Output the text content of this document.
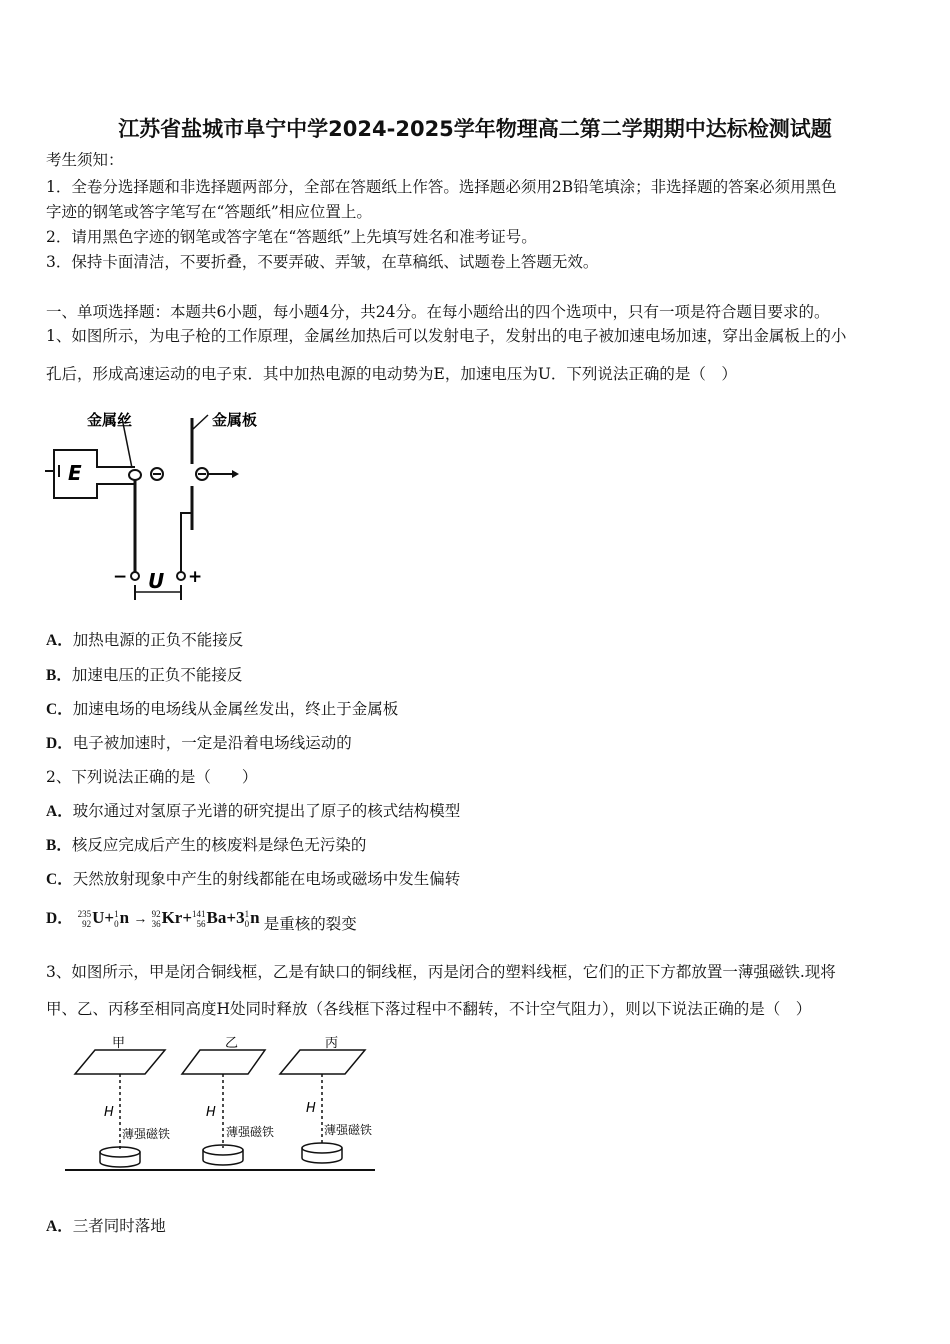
江苏省盐城市阜宁中学2024-2025学年物理高二第二学期期中达标检测试题
考生须知：
1．全卷分选择题和非选择题两部分，全部在答题纸上作答。选择题必须用2B铅笔填涂；非选择题的答案必须用黑色
字迹的钢笔或答字笔写在“答题纸”相应位置上。
2．请用黑色字迹的钢笔或答字笔在“答题纸”上先填写姓名和准考证号。
3．保持卡面清洁，不要折叠，不要弄破、弄皱，在草稿纸、试题卷上答题无效。
一、单项选择题：本题共6小题，每小题4分，共24分。在每小题给出的四个选项中，只有一项是符合题目要求的。
1、如图所示，为电子枪的工作原理，金属丝加热后可以发射电子，发射出的电子被加速电场加速，穿出金属板上的小
孔后，形成高速运动的电子束．其中加热电源的电动势为E，加速电压为U．下列说法正确的是（　）
金属丝	金属板
E
U
−	+
A．加热电源的正负不能接反
B．加速电压的正负不能接反
C．加速电场的电场线从金属丝发出，终止于金属板
D．电子被加速时，一定是沿着电场线运动的
2、下列说法正确的是（　　）
A．玻尔通过对氢原子光谱的研究提出了原子的核式结构模型
B．核反应完成后产生的核废料是绿色无污染的
C．天然放射现象中产生的射线都能在电场或磁场中发生偏转
D． 235
92 U+ 1
0 n → 92
36 Kr+ 141
56 Ba+3 1
0 n 是重核的裂变
3、如图所示，甲是闭合铜线框，乙是有缺口的铜线框，丙是闭合的塑料线框，它们的正下方都放置一薄强磁铁.现将
甲、乙、丙移至相同高度H处同时释放（各线框下落过程中不翻转，不计空气阻力），则以下说法正确的是（　）
甲	乙	丙
H	H	H
薄强磁铁	薄强磁铁	薄强磁铁
A．三者同时落地
